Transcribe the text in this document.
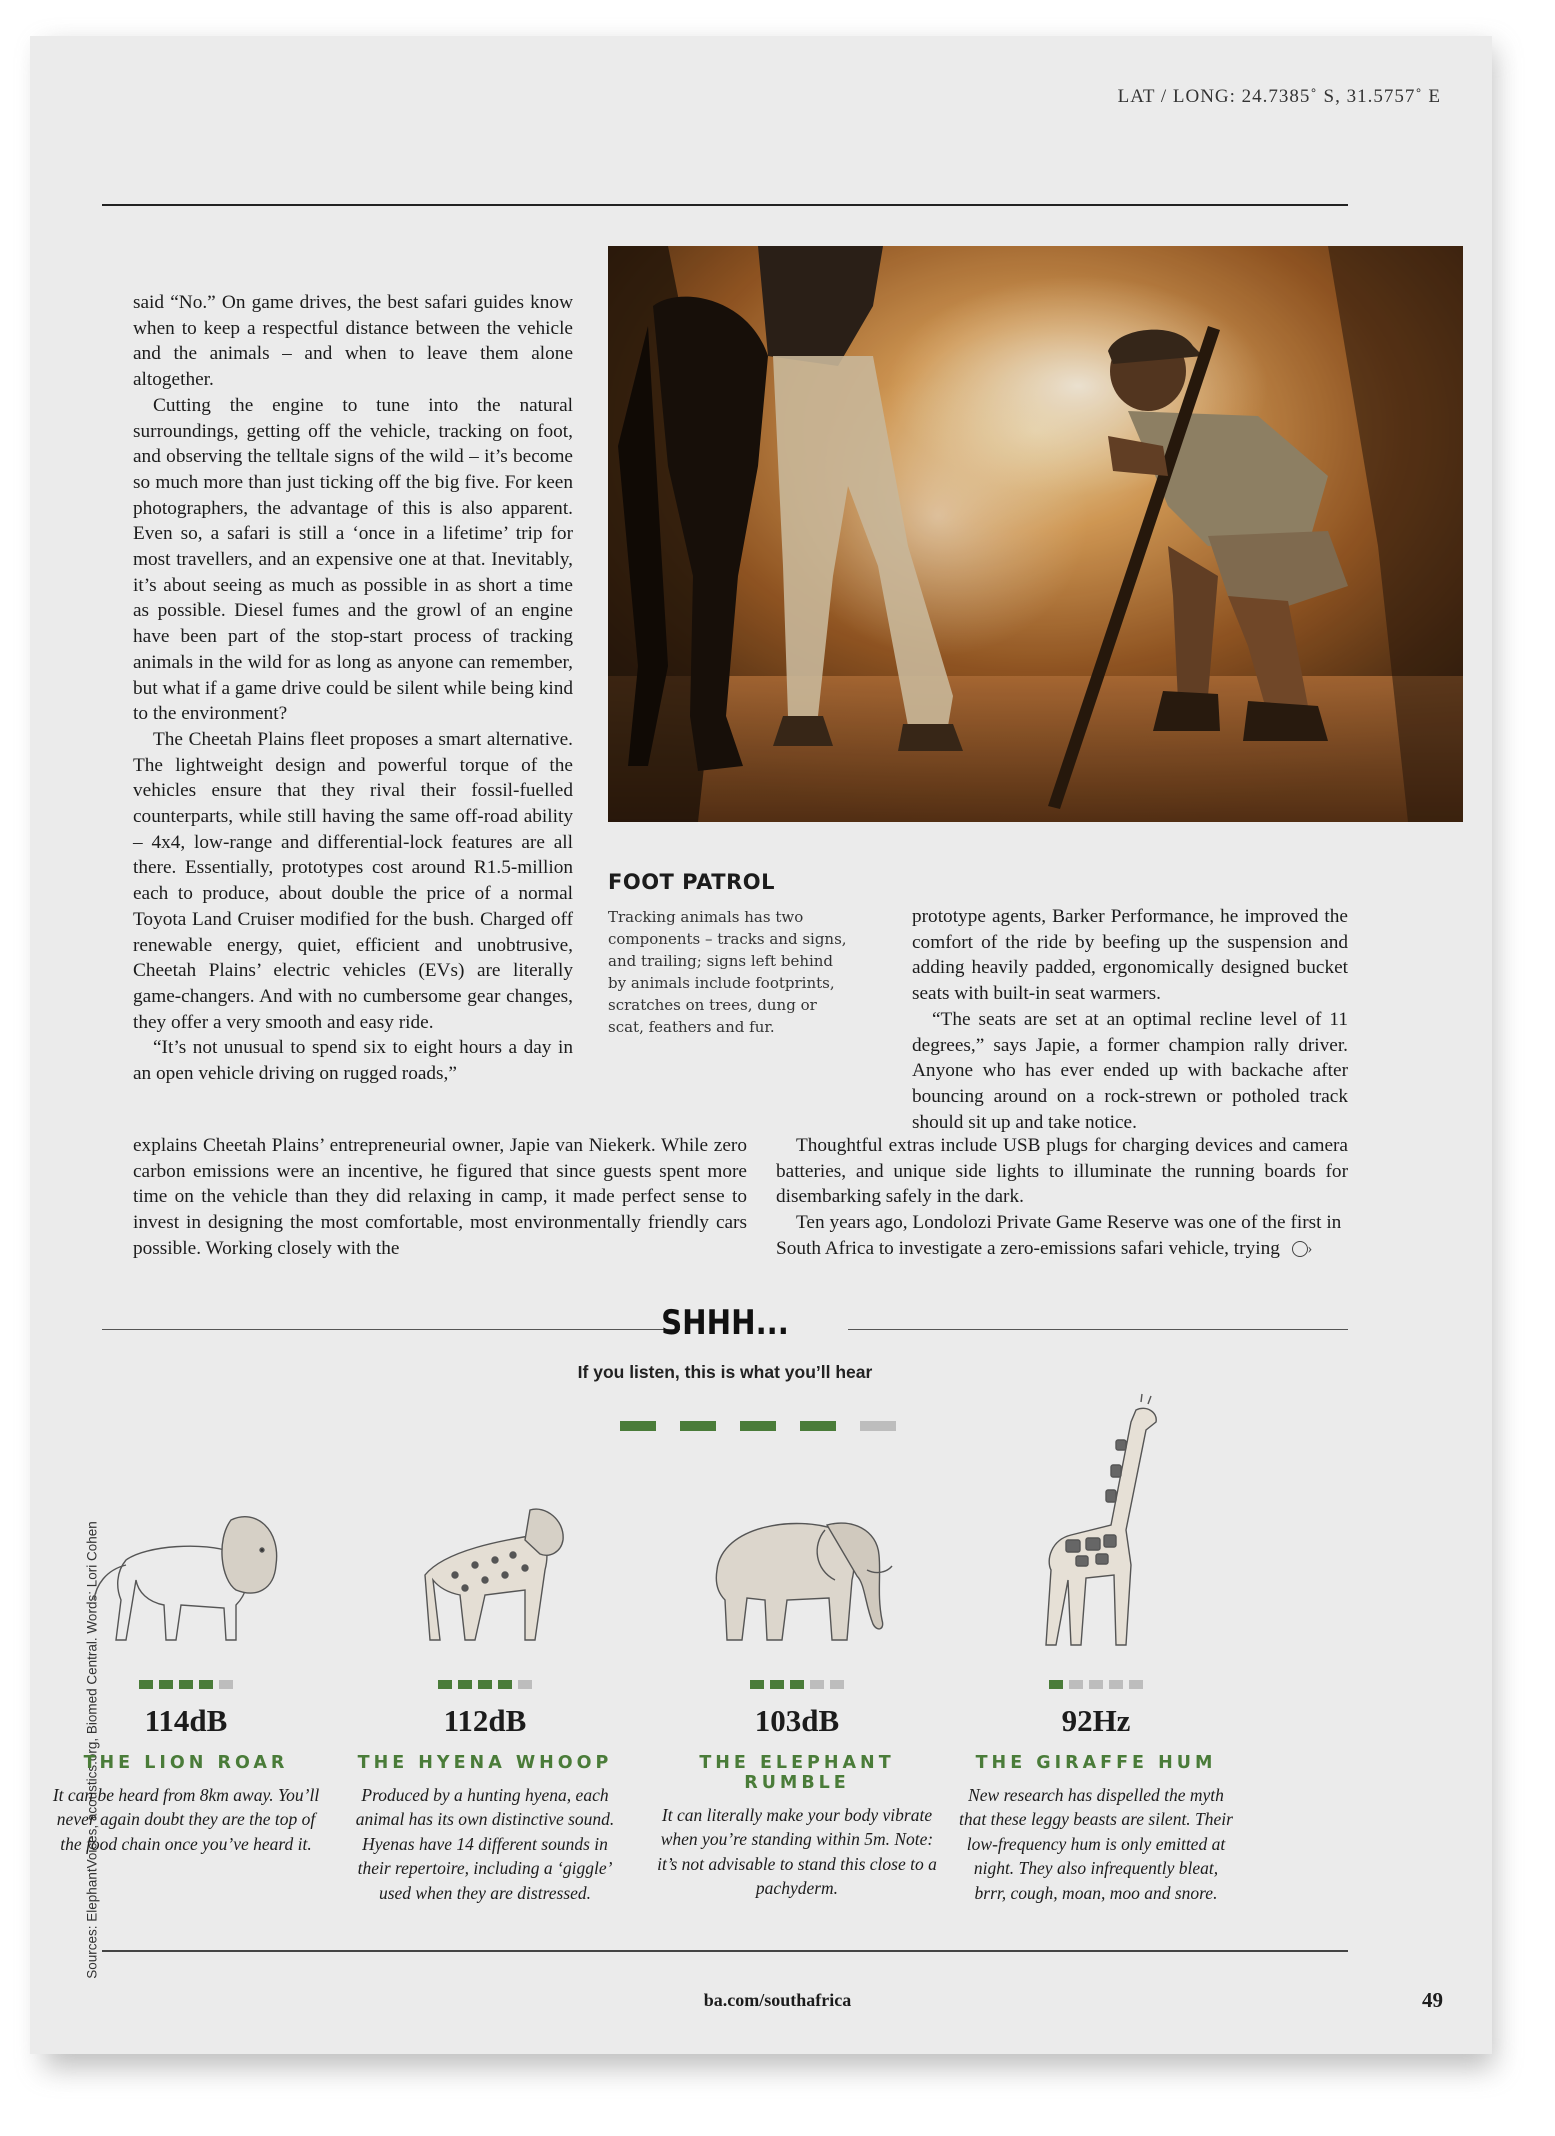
LAT / LONG: 24.7385˚ S, 31.5757˚ E

said “No.” On game drives, the best safari guides know when to keep a respectful distance between the vehicle and the animals – and when to leave them alone altogether.

Cutting the engine to tune into the natural surroundings, getting off the vehicle, tracking on foot, and observing the telltale signs of the wild – it’s become so much more than just ticking off the big five. For keen photographers, the advantage of this is also apparent. Even so, a safari is still a ‘once in a lifetime’ trip for most travellers, and an expensive one at that. Inevitably, it’s about seeing as much as possible in as short a time as possible. Diesel fumes and the growl of an engine have been part of the stop-start process of tracking animals in the wild for as long as anyone can remember, but what if a game drive could be silent while being kind to the environment?

The Cheetah Plains fleet proposes a smart alternative. The lightweight design and powerful torque of the vehicles ensure that they rival their fossil-fuelled counterparts, while still having the same off-road ability – 4x4, low-range and differential-lock features are all there. Essentially, prototypes cost around R1.5-million each to produce, about double the price of a normal Toyota Land Cruiser modified for the bush. Charged off renewable energy, quiet, efficient and unobtrusive, Cheetah Plains’ electric vehicles (EVs) are literally game-changers. And with no cumbersome gear changes, they offer a very smooth and easy ride.

“It’s not unusual to spend six to eight hours a day in an open vehicle driving on rugged roads,”

explains Cheetah Plains’ entrepreneurial owner, Japie van Niekerk. While zero carbon emissions were an incentive, he figured that since guests spent more time on the vehicle than they did relaxing in camp, it made perfect sense to invest in designing the most comfortable, most environmentally friendly cars possible. Working closely with the

FOOT PATROL
Tracking animals has two components – tracks and signs, and trailing; signs left behind by animals include footprints, scratches on trees, dung or scat, feathers and fur.

prototype agents, Barker Performance, he improved the comfort of the ride by beefing up the suspension and adding heavily padded, ergonomically designed bucket seats with built-in seat warmers.

“The seats are set at an optimal recline level of 11 degrees,” says Japie, a former champion rally driver. Anyone who has ever ended up with backache after bouncing around on a rock-strewn or potholed track should sit up and take notice.

Thoughtful extras include USB plugs for charging devices and camera batteries, and unique side lights to illuminate the running boards for disembarking safely in the dark.

Ten years ago, Londolozi Private Game Reserve was one of the first in South Africa to investigate a zero-emissions safari vehicle, trying ›

SHHH...
If you listen, this is what you’ll hear
Sources: ElephantVoices, acoustics.org, Biomed Central. Words: Lori Cohen	114dB
THE LION ROAR
It can be heard from 8km away. You’ll never again doubt they are the top of the food chain once you’ve heard it.
112dB
THE HYENA WHOOP
Produced by a hunting hyena, each animal has its own distinctive sound. Hyenas have 14 different sounds in their repertoire, including a ‘giggle’ used when they are distressed.
103dB
THE ELEPHANT RUMBLE
It can literally make your body vibrate when you’re standing within 5m. Note: it’s not advisable to stand this close to a pachyderm.
92Hz
THE GIRAFFE HUM
New research has dispelled the myth that these leggy beasts are silent. Their low-frequency hum is only emitted at night. They also infrequently bleat, brrr, cough, moan, moo and snore.
ba.com/southafrica	49
